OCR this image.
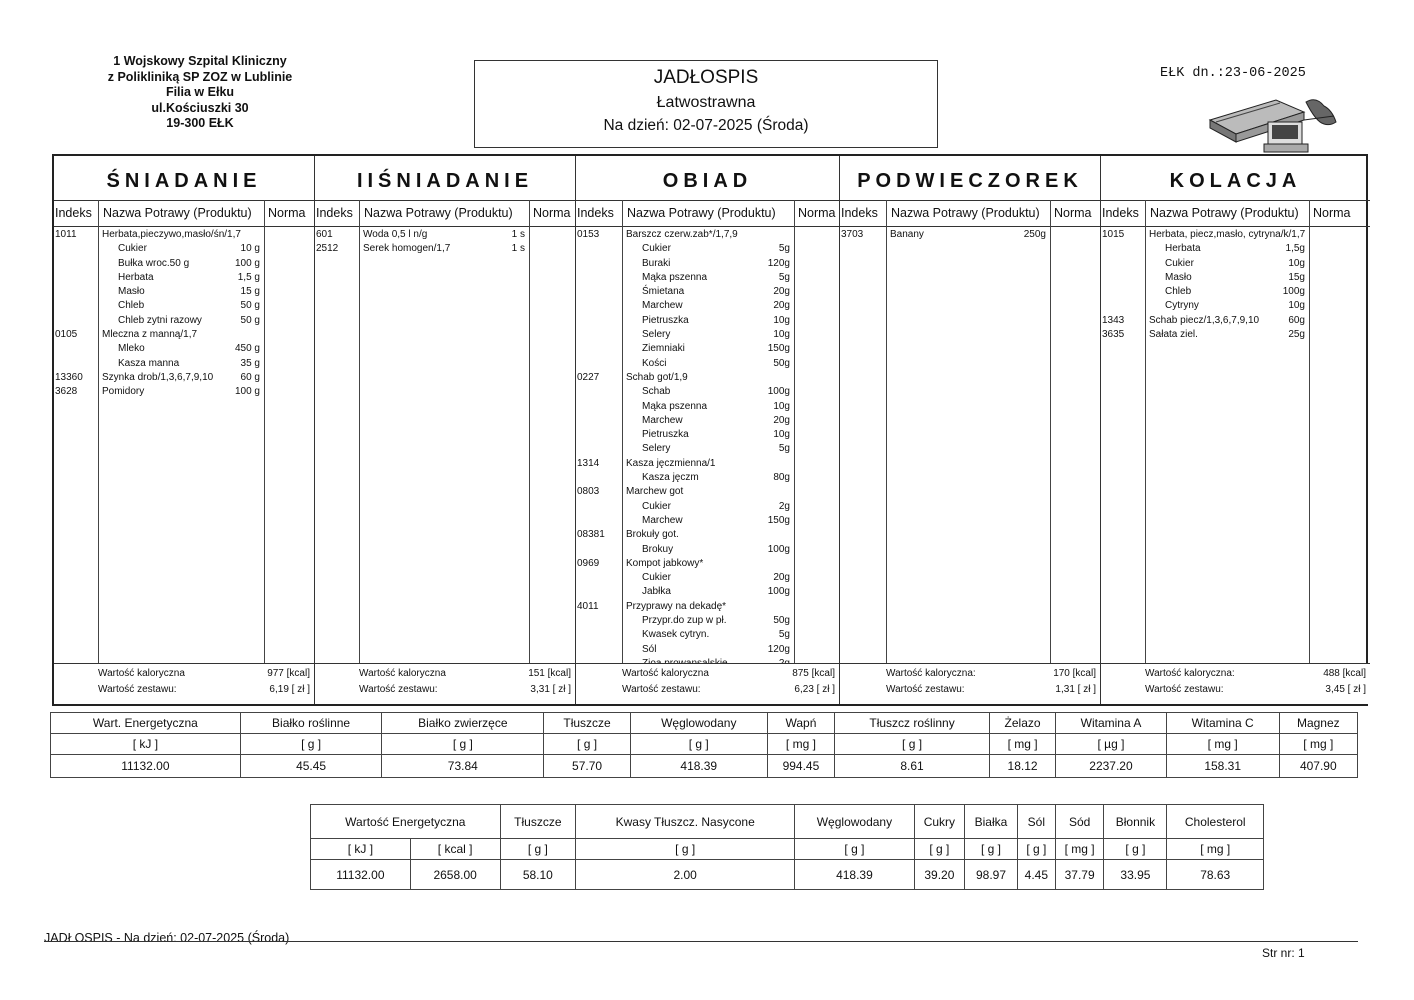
1 Wojskowy Szpital Kliniczny
z Polikliniką SP ZOZ w Lublinie
Filia w Ełku
ul.Kościuszki 30
19-300 EŁK
JADŁOSPIS
Łatwostrawna
Na dzień: 02-07-2025 (Środa)
EŁK dn.:23-06-2025
ŚNIADANIE
Indeks Nazwa Potrawy (Produktu) Norma
1011	Herbata,pieczywo,masło/śn/1,7
Cukier	10 g
Bułka wroc.50 g	100 g
Herbata	1,5 g
Masło	15 g
Chleb	50 g
Chleb zytni razowy	50 g
0105 Mleczna z manną/1,7
Mleko	450 g
Kasza manna	35 g
13360 Szynka drob/1,3,6,7,9,10	60 g
3628 Pomidory	100 g
Wartość kaloryczna	977 [kcal]
Wartość zestawu:	6,19 [ zł ]
IIŚNIADANIE
Indeks Nazwa Potrawy (Produktu) Norma
601	Woda 0,5 l n/g	1 s
2512 Serek homogen/1,7	1 s
Wartość kaloryczna	151 [kcal]
Wartość zestawu:	3,31 [ zł ]
OBIAD
Indeks Nazwa Potrawy (Produktu) Norma
0153	Barszcz czerw.zab*/1,7,9
Cukier	5g
Buraki	120g
Mąka pszenna	5g
Śmietana	20g
Marchew	20g
Pietruszka	10g
Selery	10g
Ziemniaki	150g
Kości	50g
0227	Schab got/1,9
Schab	100g
Mąka pszenna	10g
Marchew	20g
Pietruszka	10g
Selery	5g
1314	Kasza jęczmienna/1
Kasza jęczm	80g
0803	Marchew got
Cukier	2g
Marchew	150g
08381 Brokuły got.
Brokuy	100g
0969	Kompot jabkowy*
Cukier	20g
Jabłka	100g
4011	Przyprawy na dekadę*
Przypr.do zup w pł.	50g
Kwasek cytryn.	5g
Sól	120g
Wartość kaloryczna	875 [kcal]
Wartość zestawu:	6,23 [ zł ]
PODWIECZOREK
Indeks Nazwa Potrawy (Produktu) Norma
3703	Banany	250g
Wartość kaloryczna:	170 [kcal]
Wartość zestawu:	1,31 [ zł ]
KOLACJA
Indeks Nazwa Potrawy (Produktu) Norma
1015 Herbata, piecz,masło, cytryna/k/1,7
Herbata	1,5g
Cukier	10g
Masło	15g
Chleb	100g
Cytryny	10g
1343 Schab piecz/1,3,6,7,9,10	60g
3635 Sałata ziel.	25g
Wartość kaloryczna:	488 [kcal]
Wartość zestawu:	3,45 [ zł ]
Wart. Energetyczna	Białko roślinne	Białko zwierzęce	Tłuszcze	Węglowodany	Wapń	Tłuszcz roślinny	Żelazo	Witamina A	Witamina C	Magnez
[ kJ ]	[ g ]	[ g ]	[ g ]	[ g ]	[ mg ]	[ g ]	[ mg ]	[ µg ]	[ mg ]	[ mg ]
11132.00	45.45	73.84	57.70	418.39	994.45	8.61	18.12	2237.20	158.31	407.90
Wartość Energetyczna		Tłuszcze	Kwasy Tłuszcz. Nasycone	Węglowodany	Cukry	Białka	Sól	Sód	Błonnik	Cholesterol
[ kJ ]	[ kcal ]	[ g ]	[ g ]	[ g ]	[ g ]	[ g ]	[ g ]	[ mg ]	[ g ]	[ mg ]
11132.00	2658.00	58.10	2.00	418.39	39.20	98.97	4.45	37.79	33.95	78.63
JADŁOSPIS - Na dzień: 02-07-2025 (Środa)
Str nr: 1
